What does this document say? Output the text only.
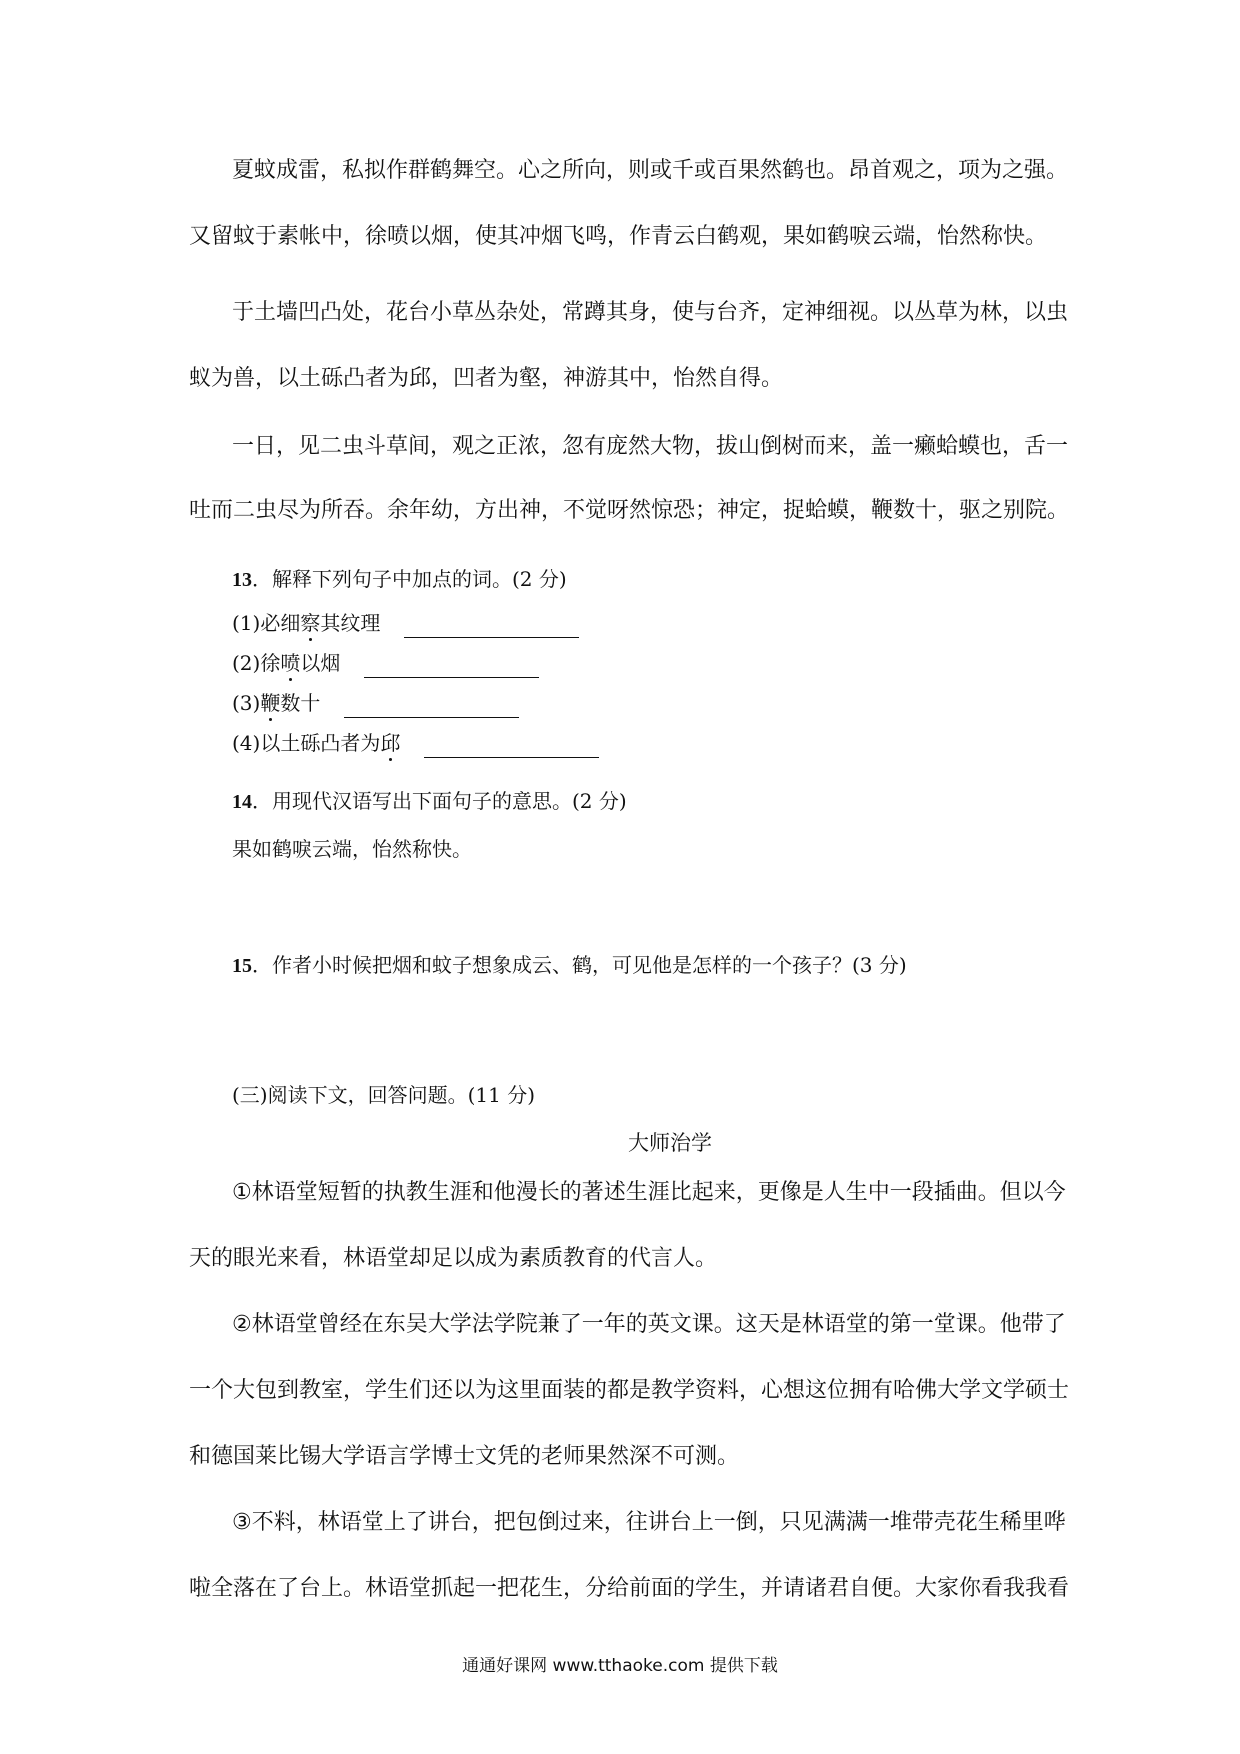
夏蚊成雷，私拟作群鹤舞空。心之所向，则或千或百果然鹤也。昂首观之，项为之强。
又留蚊于素帐中，徐喷以烟，使其冲烟飞鸣，作青云白鹤观，果如鹤唳云端，怡然称快。
于土墙凹凸处，花台小草丛杂处，常蹲其身，使与台齐，定神细视。以丛草为林，以虫
蚁为兽，以土砾凸者为邱，凹者为壑，神游其中，怡然自得。
一日，见二虫斗草间，观之正浓，忽有庞然大物，拔山倒树而来，盖一癞蛤蟆也，舌一
吐而二虫尽为所吞。余年幼，方出神，不觉呀然惊恐；神定，捉蛤蟆，鞭数十，驱之别院。
13．解释下列句子中加点的词。(2 分)
(1)必细察其纹理
(2)徐喷以烟
(3)鞭数十
(4)以土砾凸者为邱
14．用现代汉语写出下面句子的意思。(2 分)
果如鹤唳云端，怡然称快。
15．作者小时候把烟和蚊子想象成云、鹤，可见他是怎样的一个孩子？(3 分)
(三)阅读下文，回答问题。(11 分)
大师治学
①林语堂短暂的执教生涯和他漫长的著述生涯比起来，更像是人生中一段插曲。但以今
天的眼光来看，林语堂却足以成为素质教育的代言人。
②林语堂曾经在东吴大学法学院兼了一年的英文课。这天是林语堂的第一堂课。他带了
一个大包到教室，学生们还以为这里面装的都是教学资料，心想这位拥有哈佛大学文学硕士
和德国莱比锡大学语言学博士文凭的老师果然深不可测。
③不料，林语堂上了讲台，把包倒过来，往讲台上一倒，只见满满一堆带壳花生稀里哗
啦全落在了台上。林语堂抓起一把花生，分给前面的学生，并请诸君自便。大家你看我我看
通通好课网 www.tthaoke.com 提供下载
